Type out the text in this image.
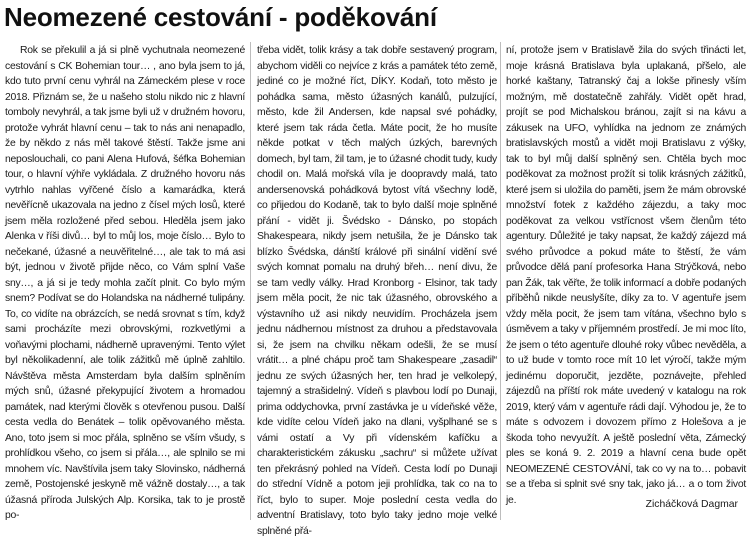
Neomezené cestování - poděkování

Rok se překulil a já si plně vychutnala neomezené cestování s CK Bohemian tour… , ano byla jsem to já, kdo tuto první cenu vyhrál na Zámeckém plese v roce 2018. Přiznám se, že u našeho stolu nikdo nic z hlavní tomboly nevyhrál, a tak jsme byli už v družném hovoru, protože vyhrát hlavní cenu – tak to nás ani nenapadlo, že by někdo z nás měl takové štěstí. Takže jsme ani neposlouchali, co pani Alena Hufová, šéfka Bohemian tour, o hlavní výhře vykládala. Z družného hovoru nás vytrhlo nahlas vyřčené číslo a kamarádka, která nevěřícně ukazovala na jedno z čísel mých losů, které jsem měla rozložené před sebou. Hleděla jsem jako Alenka v říši divů… byl to můj los, moje číslo… Bylo to nečekané, úžasné a neuvěřitelné…, ale tak to má asi být, jednou v životě přijde něco, co Vám splní Vaše sny…, a já si je tedy mohla začít plnit. Co bylo mým snem? Podívat se do Holandska na nádherné tulipány. To, co vidíte na obrázcích, se nedá srovnat s tím, když sami procházíte mezi obrovskými, rozkvetlými a voňavými plochami, nádherně upravenými. Tento výlet byl několikadenní, ale tolik zážitků mě úplně zahltilo. Návštěva města Amsterdam byla dalším splněním mých snů, úžasné překypující životem a hromadou památek, nad kterými člověk s otevřenou pusou. Další cesta vedla do Benátek – tolik opěvovaného města. Ano, toto jsem si moc přála, splněno se vším všudy, s prohlídkou všeho, co jsem si přála…, ale splnilo se mi mnohem víc. Navštívila jsem taky Slovinsko, nádherná země, Postojenské jeskyně mě vážně dostaly…, a tak úžasná příroda Julských Alp. Korsika, tak to je prostě po-

třeba vidět, tolik krásy a tak dobře sestavený program, abychom viděli co nejvíce z krás a památek této země, jediné co je možné říct, DÍKY. Kodaň, toto město je pohádka sama, město úžasných kanálů, pulzující, město, kde žil Andersen, kde napsal své pohádky, které jsem tak ráda četla. Máte pocit, že ho musíte někde potkat v těch malých úzkých, barevných domech, byl tam, žil tam, je to úžasné chodit tudy, kudy chodil on. Malá mořská víla je doopravdy malá, tato andersenovská pohádková bytost vítá všechny lodě, co přijedou do Kodaně, tak to bylo další moje splněné přání - vidět ji. Švédsko - Dánsko, po stopách Shakespeara, nikdy jsem netušila, že je Dánsko tak blízko Švédska, dánští králové při sinální vidění své svých komnat pomalu na druhý břeh… není divu, že se tam vedly války. Hrad Kronborg - Elsinor, tak tady jsem měla pocit, že nic tak úžasného, obrovského a výstavního už asi nikdy neuvidím. Procházela jsem jednu nádhernou místnost za druhou a představovala si, že jsem na chvilku někam odešli, že se musí vrátit… a plné chápu proč tam Shakespeare „zasadil“ jednu ze svých úžasných her, ten hrad je velkolepý, tajemný a strašidelný. Vídeň s plavbou lodí po Dunaji, prima oddychovka, první zastávka je u vídeňské věže, kde vidíte celou Vídeň jako na dlani, vyšplhané se s vámi ostatí a Vy při vídenském kafíčku a charakteristickém zákusku „sachru“ si můžete užívat ten překrásný pohled na Vídeň. Cesta lodí po Dunaji do střední Vídně a potom jeji prohlídka, tak co na to říct, bylo to super. Moje poslední cesta vedla do adventní Bratislavy, toto bylo taky jedno moje velké splněné přá-

ní, protože jsem v Bratislavě žila do svých třinácti let, moje krásná Bratislava byla uplakaná, přšelo, ale horké kaštany, Tatranský čaj a lokše přinesly vším možným, mě dostatečně zahřály. Vidět opět hrad, projít se pod Michalskou bránou, zajít si na kávu a zákusek na UFO, vyhlídka na jednom ze známých bratislavských mostů a vidět moji Bratislavu z výšky, tak to byl můj další splněný sen. Chtěla bych moc poděkovat za možnost prožít si tolik krásných zážitků, které jsem si uložila do paměti, jsem že mám obrovské množství fotek z každého zájezdu, a taky moc poděkovat za velkou vstřícnost všem členům této agentury. Důležité je taky napsat, že každý zájezd má svého průvodce a pokud máte to štěstí, že vám průvodce dělá paní profesorka Hana Strýčková, nebo pan Žák, tak věřte, že tolik informací a dobře podaných příběhů nikde neuslyšíte, díky za to. V agentuře jsem vždy měla pocit, že jsem tam vítána, všechno bylo s úsměvem a taky v příjemném prostředí. Je mi moc líto, že jsem o této agentuře dlouhé roky vůbec nevěděla, a to už bude v tomto roce mít 10 let výročí, takže mým jedinému doporučit, jezděte, poznávejte, přehled zájezdů na příští rok máte uvedený v katalogu na rok 2019, který vám v agentuře rádi dají. Výhodou je, že to máte s odvozem i dovozem přímo z Holešova a je škoda toho nevyužít. A ještě poslední věta, Zámecký ples se koná 9. 2. 2019 a hlavní cena bude opět NEOMEZENÉ CESTOVÁNÍ, tak co vy na to… pobavit se a třeba si splnit své sny tak, jako já… a o tom život je.	Zicháčková Dagmar
